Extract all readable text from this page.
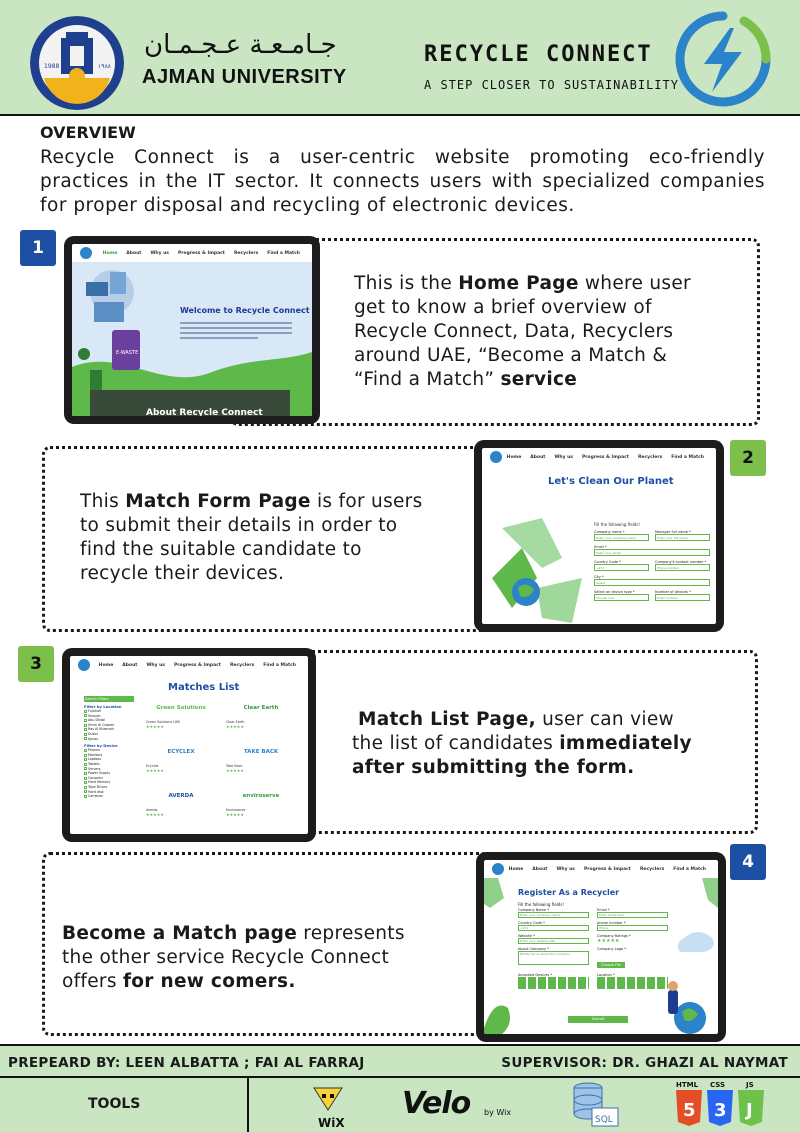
1988	١٩٨٨
جـامـعـة عـجـمـان
AJMAN UNIVERSITY
RECYCLE CONNECT
A STEP CLOSER TO SUSTAINABILITY
OVERVIEW
Recycle Connect is a user-centric website promoting eco-friendly practices in the IT sector. It connects users with specialized companies for proper disposal and recycling of electronic devices.
1	Home About Why us Progress & Impact Recyclers Find a Match
E-WASTE
Welcome to Recycle Connect
About Recycle Connect
This is the Home Page where user
get to know a brief overview of
Recycle Connect, Data, Recyclers
around UAE, “Become a Match &
“Find a Match” service
2
Home About Why us Progress & Impact Recyclers Find a Match
Let's Clean Our Planet
Fill the following fields!
Company name *
Enter your company name
Manager full name *
Enter your full name
Email *
Enter your email
Country Code *
+971
Company's contact number *
Phone number
City *
Select
Select an device type *
Choose one
Number of devices *
Enter number
This Match Form Page is for users
to submit their details in order to
find the suitable candidate to
recycle their devices.
3	Home About Why us Progress & Impact Recyclers Find a Match
Matches List
Search Filters
Filter by Location
Fujairah
Sharjah
Abu Dhabi
Umm Al Quwain
Ras Al Khaimah
Dubai
Ajman
Filter by Device
Phones
Monitors
Laptops
Tablets
Servers
Power Supply
Consoles
Hard Memory
Tape Drives
Hard disk
Cameras
Green Solutions
Green Solutions UAE
★★★★★
Clear Earth
Clear Earth
★★★★★
ECYCLEX
Ecyclex
★★★★★
TAKE BACK
Take Back
★★★★★
AVERDA
Averda
★★★★★
enviroserve
Enviroserve
★★★★★
Match List Page, user can view
the list of candidates immediately
after submitting the form.
4
Home About Why us Progress & Impact Recyclers Find a Match
Register As a Recycler
Fill the following fields!
Company Name *
Enter your company name
Email *
Enter email here
Country Code *
+971
phone number *
Phone
Website *
Enter your website URL
Company Ratings *
★★★★★
About Company *
Briefly tell us about the company
Company Logo *
Choose File
Accepted Devices *	Location *
Submit
Become a Match page represents
the other service Recycle Connect
offers for new comers.
PREPEARD BY: LEEN ALBATTA ; FAI AL FARRAJ	SUPERVISOR: DR. GHAZI AL NAYMAT
TOOLS
WiX
Velo by Wix
SQL
HTML
5
CSS
3
JS
J
